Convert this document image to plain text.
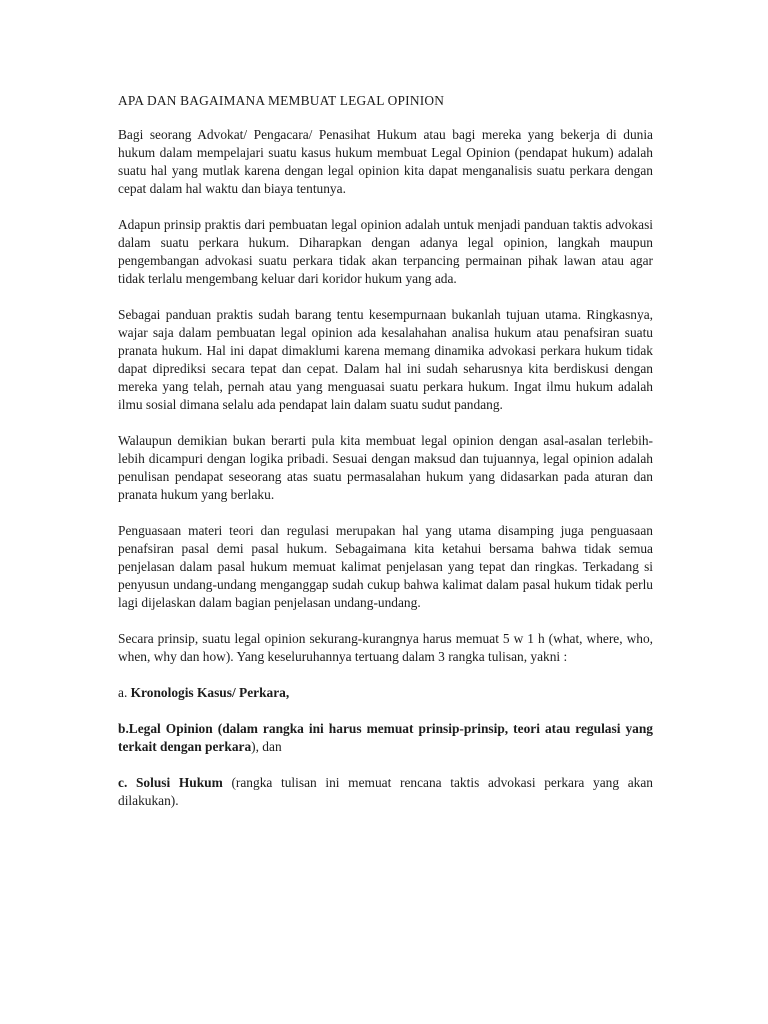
APA DAN BAGAIMANA MEMBUAT LEGAL OPINION

Bagi seorang Advokat/ Pengacara/ Penasihat Hukum atau bagi mereka yang bekerja di dunia hukum dalam mempelajari suatu kasus hukum membuat Legal Opinion (pendapat hukum) adalah suatu hal yang mutlak karena dengan legal opinion kita dapat menganalisis suatu perkara dengan cepat dalam hal waktu dan biaya tentunya.

Adapun prinsip praktis dari pembuatan legal opinion adalah untuk menjadi panduan taktis advokasi dalam suatu perkara hukum. Diharapkan dengan adanya legal opinion, langkah maupun pengembangan advokasi suatu perkara tidak akan terpancing permainan pihak lawan atau agar tidak terlalu mengembang keluar dari koridor hukum yang ada.

Sebagai panduan praktis sudah barang tentu kesempurnaan bukanlah tujuan utama. Ringkasnya, wajar saja dalam pembuatan legal opinion ada kesalahahan analisa hukum atau penafsiran suatu pranata hukum. Hal ini dapat dimaklumi karena memang dinamika advokasi perkara hukum tidak dapat diprediksi secara tepat dan cepat. Dalam hal ini sudah seharusnya kita berdiskusi dengan mereka yang telah, pernah atau yang menguasai suatu perkara hukum. Ingat ilmu hukum adalah ilmu sosial dimana selalu ada pendapat lain dalam suatu sudut pandang.

Walaupun demikian bukan berarti pula kita membuat legal opinion dengan asal-asalan terlebih-lebih dicampuri dengan logika pribadi. Sesuai dengan maksud dan tujuannya, legal opinion adalah penulisan pendapat seseorang atas suatu permasalahan hukum yang didasarkan pada aturan dan pranata hukum yang berlaku.

Penguasaan materi teori dan regulasi merupakan hal yang utama disamping juga penguasaan penafsiran pasal demi pasal hukum. Sebagaimana kita ketahui bersama bahwa tidak semua penjelasan dalam pasal hukum memuat kalimat penjelasan yang tepat dan ringkas. Terkadang si penyusun undang-undang menganggap sudah cukup bahwa kalimat dalam pasal hukum tidak perlu lagi dijelaskan dalam bagian penjelasan undang-undang.

Secara prinsip, suatu legal opinion sekurang-kurangnya harus memuat 5 w 1 h (what, where, who, when, why dan how). Yang keseluruhannya tertuang dalam 3 rangka tulisan, yakni :

a. Kronologis Kasus/ Perkara,

b.Legal Opinion (dalam rangka ini harus memuat prinsip-prinsip, teori atau regulasi yang terkait dengan perkara), dan

c. Solusi Hukum (rangka tulisan ini memuat rencana taktis advokasi perkara yang akan dilakukan).
